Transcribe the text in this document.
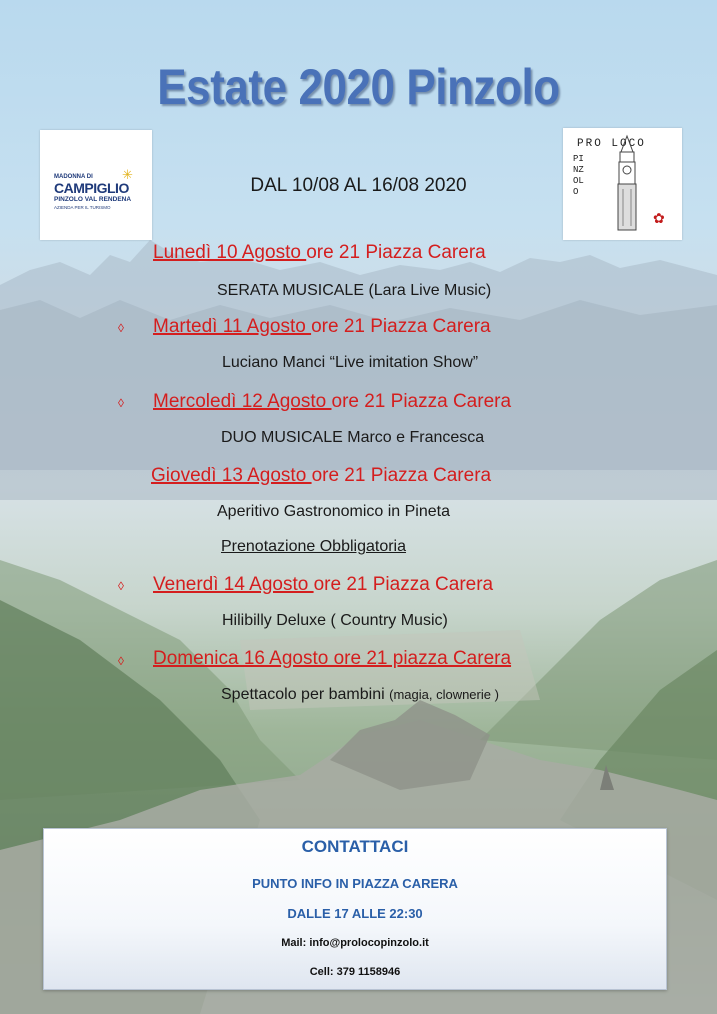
Estate 2020 Pinzolo
MADONNA DI ✳
CAMPIGLIO
PINZOLO VAL RENDENA
AZIENDA PER IL TURISMO
PRO LOCO
PINZOLO
✿
DAL 10/08 AL 16/08 2020
Lunedì 10 Agosto ore 21 Piazza Carera
SERATA MUSICALE (Lara Live Music)
◊ Martedì 11 Agosto ore 21 Piazza Carera
Luciano Manci “Live imitation Show”
◊ Mercoledì 12 Agosto ore 21 Piazza Carera
DUO MUSICALE Marco e Francesca
Giovedì 13 Agosto ore 21 Piazza Carera
Aperitivo Gastronomico in Pineta
Prenotazione Obbligatoria
◊ Venerdì 14 Agosto ore 21 Piazza Carera
Hilibilly Deluxe ( Country Music)
◊ Domenica 16 Agosto ore 21 piazza Carera
Spettacolo per bambini (magia, clownerie )
CONTATTACI
PUNTO INFO IN PIAZZA CARERA
DALLE 17 ALLE 22:30
Mail: info@prolocopinzolo.it
Cell: 379 1158946
